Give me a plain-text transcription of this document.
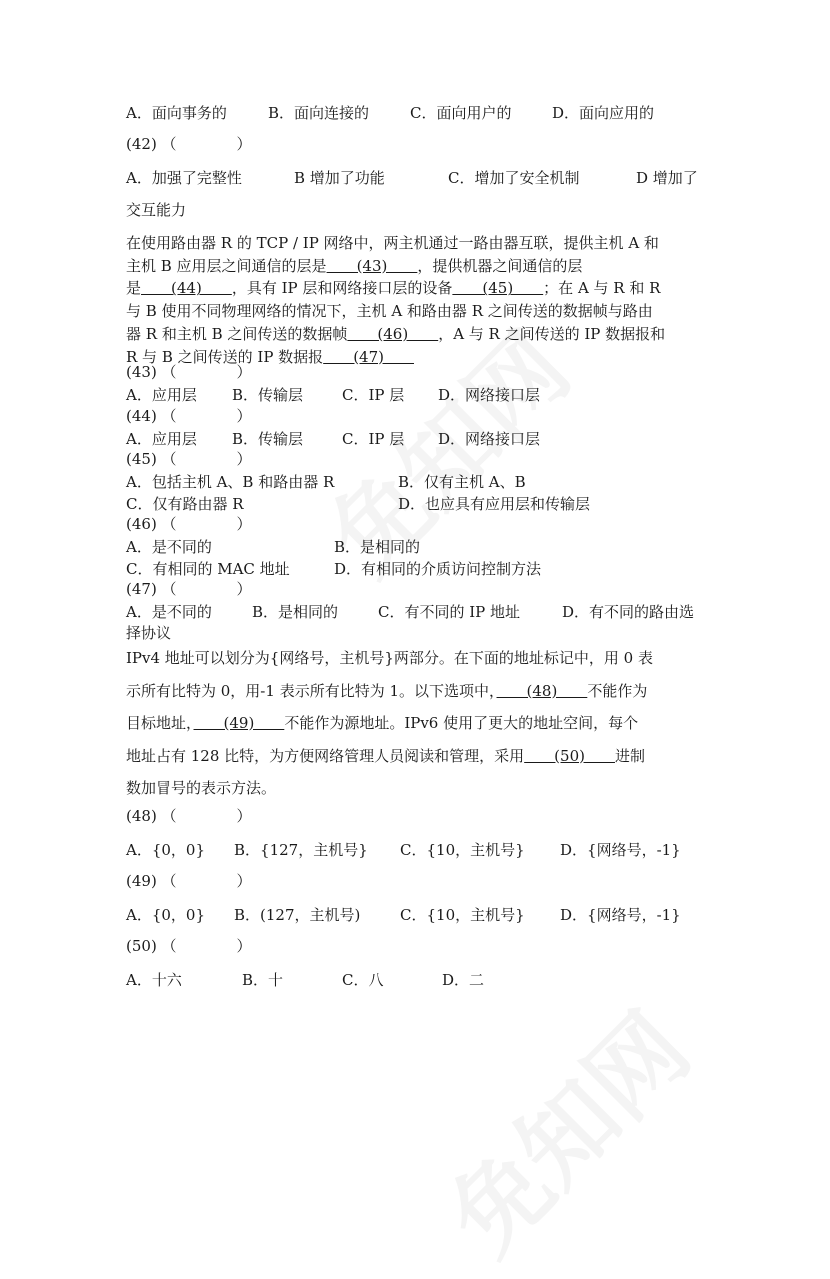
A．面向事务的	B．面向连接的	C．面向用户的	D．面向应用的
(42) （　　　　）
A．加强了完整性	B 增加了功能	C．增加了安全机制	D 增加了
交互能力
在使用路由器 R 的 TCP / IP 网络中，两主机通过一路由器互联，提供主机 A 和
主机 B 应用层之间通信的层是　　(43)　　，提供机器之间通信的层
是　　(44)　　，具有 IP 层和网络接口层的设备　　(45)　　；在 A 与 R 和 R
与 B 使用不同物理网络的情况下，主机 A 和路由器 R 之间传送的数据帧与路由
器 R 和主机 B 之间传送的数据帧　　(46)　　，A 与 R 之间传送的 IP 数据报和
R 与 B 之间传送的 IP 数据报　　(47)　　
(43) （　　　　）
A．应用层 B．传输层	C．IP 层 D．网络接口层
(44) （　　　　）
A．应用层 B．传输层	C．IP 层 D．网络接口层
(45) （　　　　）
A．包括主机 A、B 和路由器 R	B．仅有主机 A、B
C．仅有路由器 R	D．也应具有应用层和传输层
(46) （　　　　）
A．是不同的	B．是相同的
C．有相同的 MAC 地址	D．有相同的介质访问控制方法
(47) （　　　　）
A．是不同的	B．是相同的	C．有不同的 IP 地址	D．有不同的路由选
择协议
IPv4 地址可以划分为{网络号，主机号}两部分。在下面的地址标记中，用 0 表
示所有比特为 0，用-1 表示所有比特为 1。以下选项中，　　(48)　　不能作为
目标地址，　　(49)　　不能作为源地址。IPv6 使用了更大的地址空间，每个
地址占有 128 比特，为方便网络管理人员阅读和管理，采用　　(50)　　进制
数加冒号的表示方法。
(48) （　　　　）
A．{0，0} B．{127，主机号} C．{10，主机号} D．{网络号，-1}
(49) （　　　　）
A．{0，0} B．(127，主机号)	C．{10，主机号} D．{网络号，-1}
(50) （　　　　）
A．十六	B．十	C．八	D．二
